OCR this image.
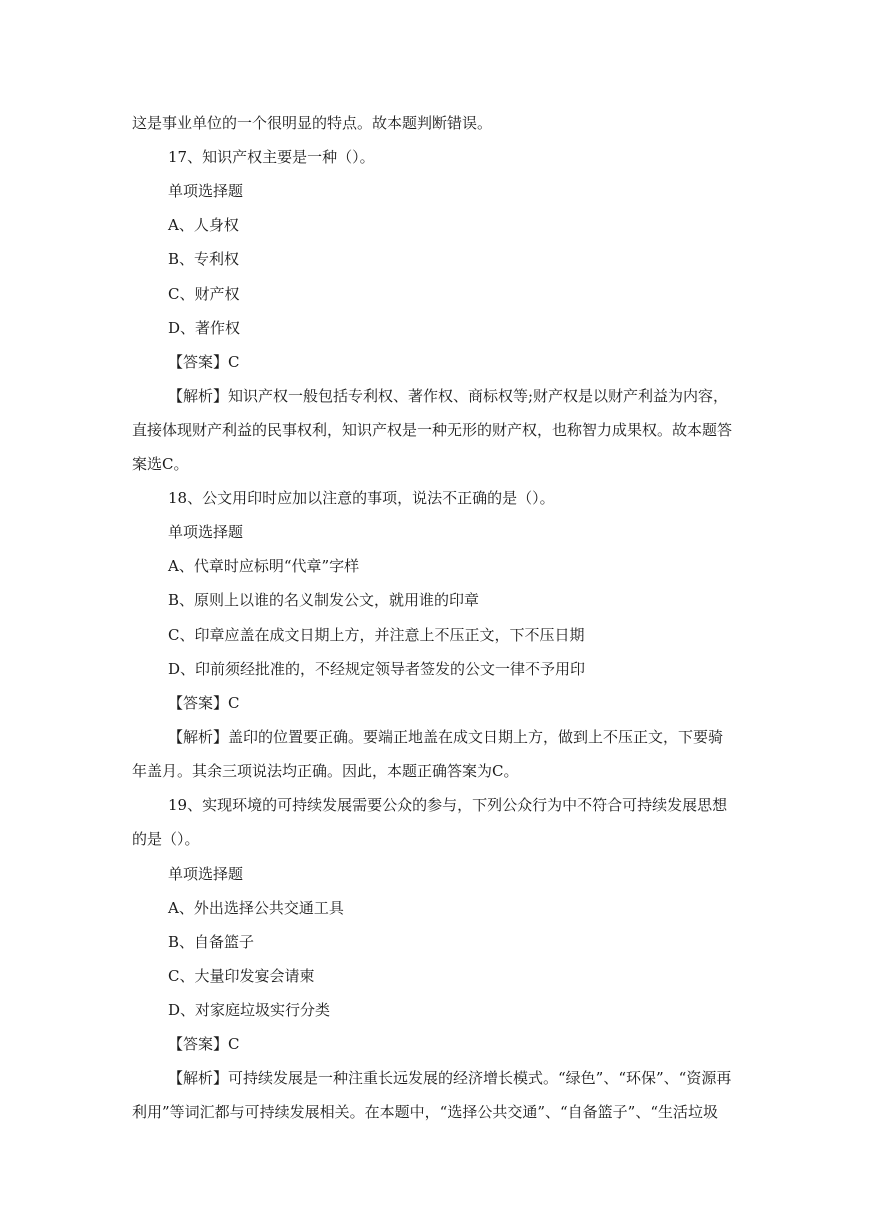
这是事业单位的一个很明显的特点。故本题判断错误。
17、知识产权主要是一种（）。
单项选择题
A、人身权
B、专利权
C、财产权
D、著作权
【答案】C
【解析】知识产权一般包括专利权、著作权、商标权等;财产权是以财产利益为内容，
直接体现财产利益的民事权利，知识产权是一种无形的财产权，也称智力成果权。故本题答
案选C。
18、公文用印时应加以注意的事项，说法不正确的是（）。
单项选择题
A、代章时应标明“代章”字样
B、原则上以谁的名义制发公文，就用谁的印章
C、印章应盖在成文日期上方，并注意上不压正文，下不压日期
D、印前须经批准的，不经规定领导者签发的公文一律不予用印
【答案】C
【解析】盖印的位置要正确。要端正地盖在成文日期上方，做到上不压正文，下要骑
年盖月。其余三项说法均正确。因此，本题正确答案为C。
19、实现环境的可持续发展需要公众的参与，下列公众行为中不符合可持续发展思想
的是（）。
单项选择题
A、外出选择公共交通工具
B、自备篮子
C、大量印发宴会请柬
D、对家庭垃圾实行分类
【答案】C
【解析】可持续发展是一种注重长远发展的经济增长模式。“绿色”、“环保”、“资源再
利用”等词汇都与可持续发展相关。在本题中，“选择公共交通”、“自备篮子”、“生活垃圾
